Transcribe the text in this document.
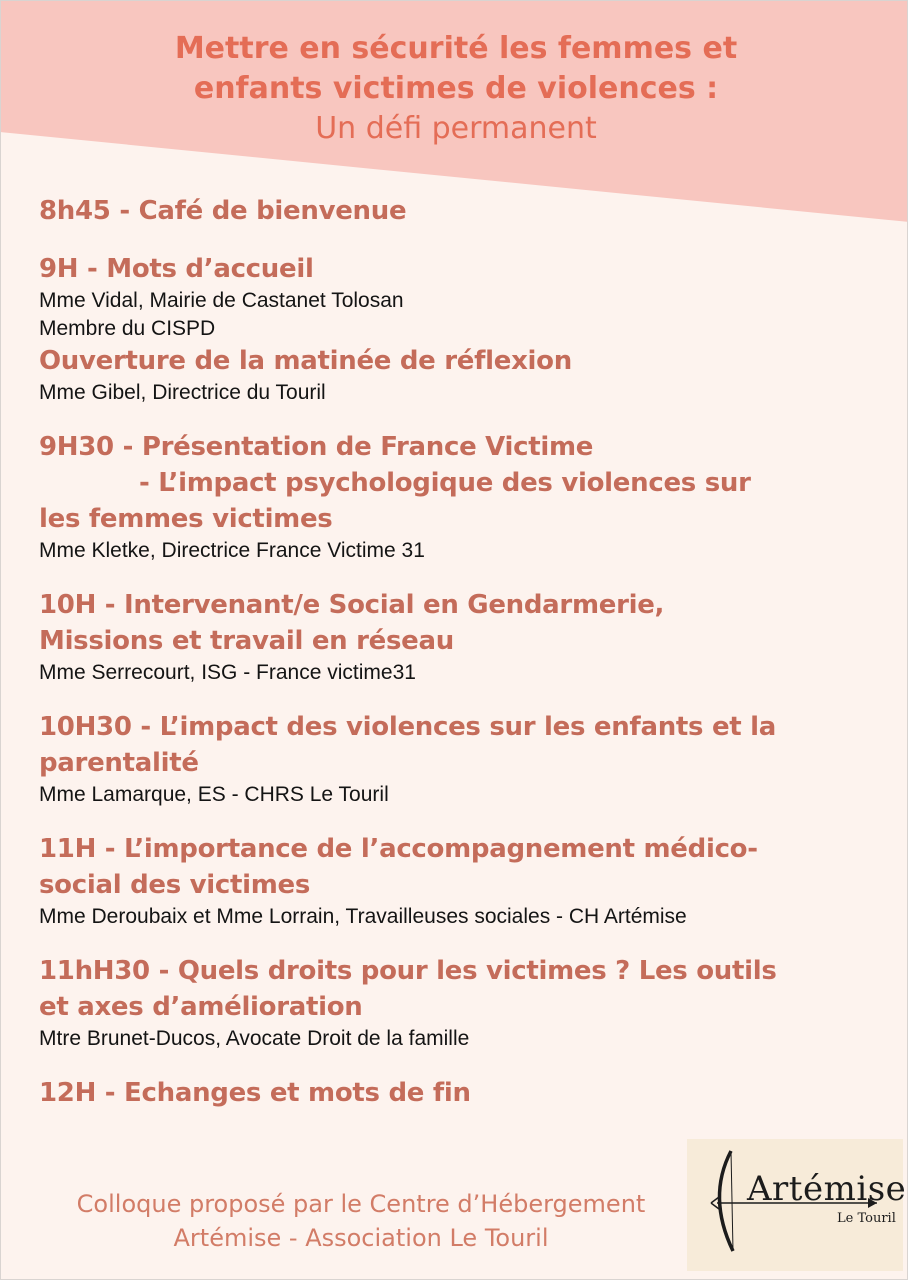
Mettre en sécurité les femmes et
enfants victimes de violences :
Un défi permanent

8h45 - Café de bienvenue

9H - Mots d’accueil

Mme Vidal, Mairie de Castanet Tolosan

Membre du CISPD

Ouverture de la matinée de réflexion

Mme Gibel, Directrice du Touril

9H30 - Présentation de France Victime

- L’impact psychologique des violences sur

les femmes victimes

Mme Kletke, Directrice France Victime 31

10H - Intervenant/e Social en Gendarmerie,

Missions et travail en réseau

Mme Serrecourt, ISG - France victime31

10H30 - L’impact des violences sur les enfants et la

parentalité

Mme Lamarque, ES - CHRS Le Touril

11H - L’importance de l’accompagnement médico-

social des victimes

Mme Deroubaix et Mme Lorrain, Travailleuses sociales - CH Artémise

11hH30 - Quels droits pour les victimes ? Les outils

et axes d’amélioration

Mtre Brunet-Ducos, Avocate Droit de la famille

12H - Echanges et mots de fin

Colloque proposé par le Centre d’Hébergement
Artémise - Association Le Touril
Artémise
Le Touril
